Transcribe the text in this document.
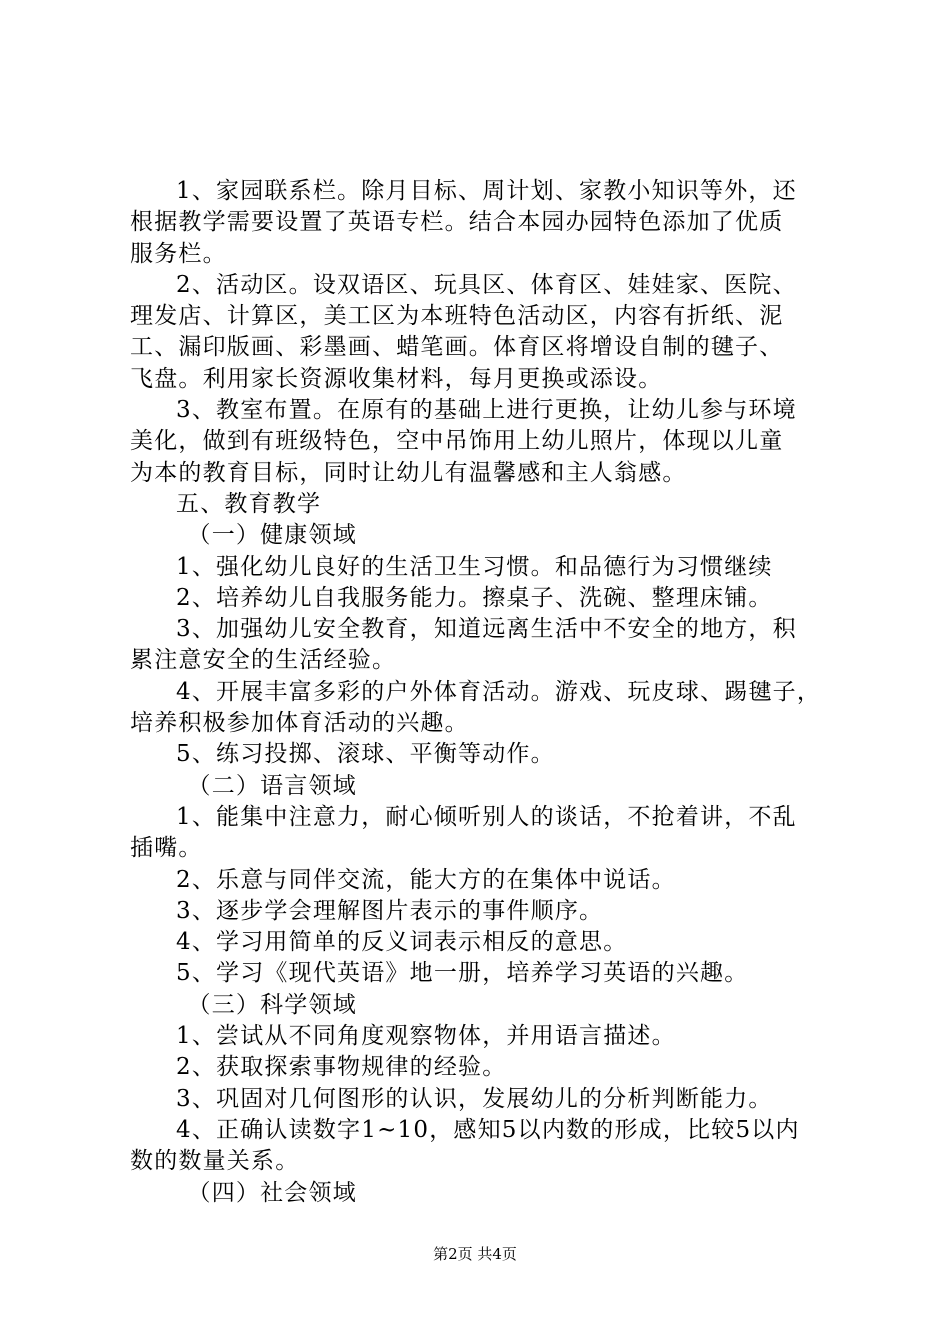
1、家园联系栏。除月目标、周计划、家教小知识等外，还
根据教学需要设置了英语专栏。结合本园办园特色添加了优质
服务栏。
2、活动区。设双语区、玩具区、体育区、娃娃家、医院、
理发店、计算区，美工区为本班特色活动区，内容有折纸、泥
工、漏印版画、彩墨画、蜡笔画。体育区将增设自制的毽子、
飞盘。利用家长资源收集材料，每月更换或添设。
3、教室布置。在原有的基础上进行更换，让幼儿参与环境
美化，做到有班级特色，空中吊饰用上幼儿照片，体现以儿童
为本的教育目标，同时让幼儿有温馨感和主人翁感。
五、教育教学
（一）健康领域
1、强化幼儿良好的生活卫生习惯。和品德行为习惯继续
2、培养幼儿自我服务能力。擦桌子、洗碗、整理床铺。
3、加强幼儿安全教育，知道远离生活中不安全的地方，积
累注意安全的生活经验。
4、开展丰富多彩的户外体育活动。游戏、玩皮球、踢毽子，
培养积极参加体育活动的兴趣。
5、练习投掷、滚球、平衡等动作。
（二）语言领域
1、能集中注意力，耐心倾听别人的谈话，不抢着讲，不乱
插嘴。
2、乐意与同伴交流，能大方的在集体中说话。
3、逐步学会理解图片表示的事件顺序。
4、学习用简单的反义词表示相反的意思。
5、学习《现代英语》地一册，培养学习英语的兴趣。
（三）科学领域
1、尝试从不同角度观察物体，并用语言描述。
2、获取探索事物规律的经验。
3、巩固对几何图形的认识，发展幼儿的分析判断能力。
4、正确认读数字1~10，感知5以内数的形成，比较5以内
数的数量关系。
（四）社会领域
第2页 共4页
